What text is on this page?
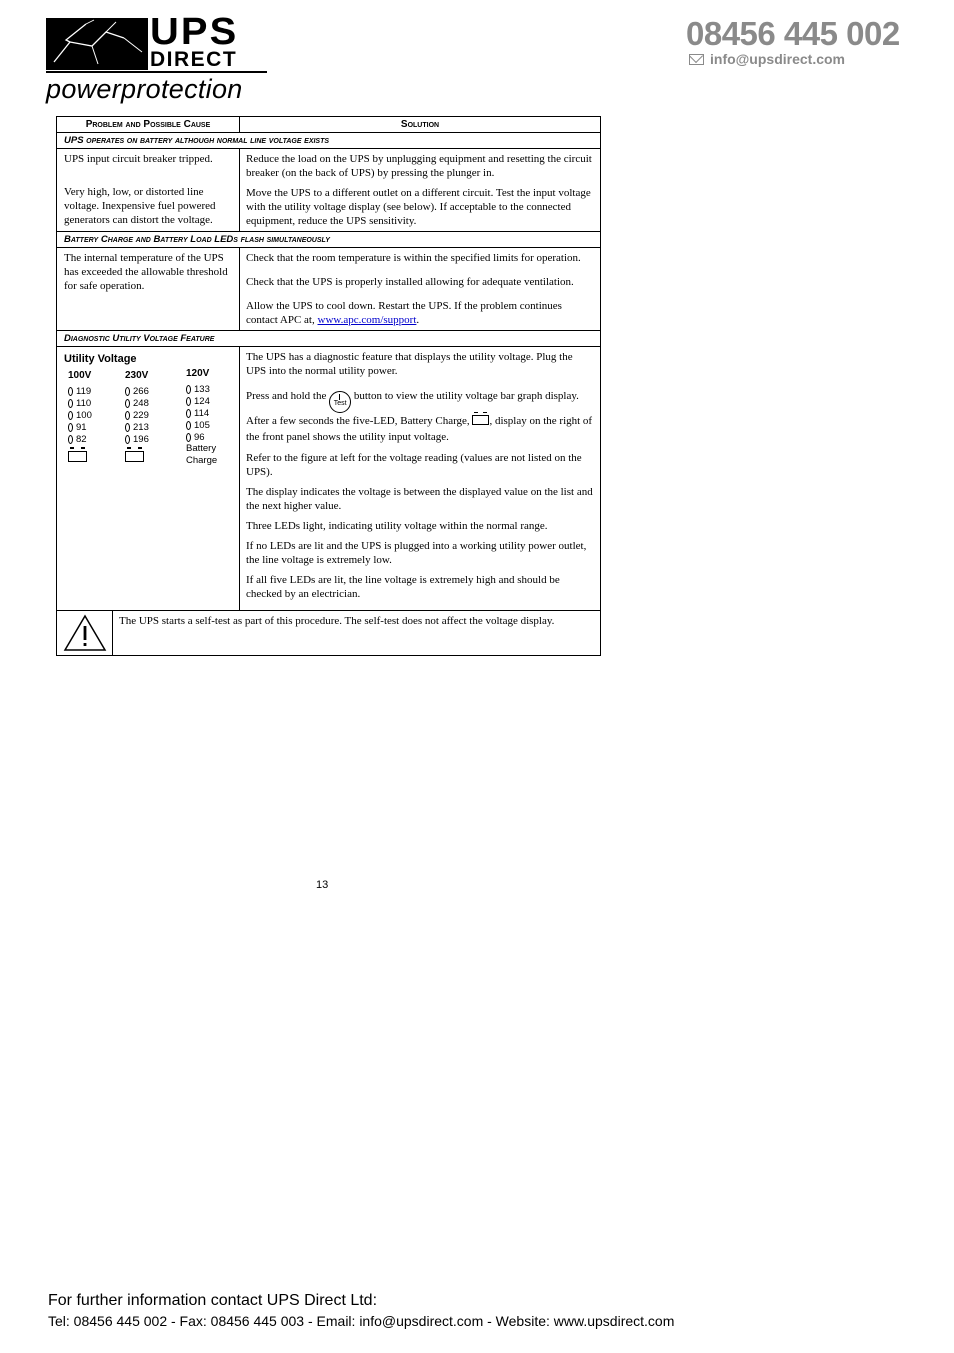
UPS
DIRECT
powerprotection
08456 445 002
info@upsdirect.com
Problem and Possible Cause	Solution
UPS operates on battery although normal line voltage exists

UPS input circuit breaker tripped.

Very high, low, or distorted line voltage. Inexpensive fuel powered generators can distort the voltage.

Reduce the load on the UPS by unplugging equipment and resetting the circuit breaker (on the back of UPS) by pressing the plunger in.

Move the UPS to a different outlet on a different circuit. Test the input voltage with the utility voltage display (see below). If acceptable to the connected equipment, reduce the UPS sensitivity.

Battery Charge and Battery Load LEDs flash simultaneously

The internal temperature of the UPS has exceeded the allowable threshold for safe operation.

Check that the room temperature is within the specified limits for operation.

Check that the UPS is properly installed allowing for adequate ventilation.

Allow the UPS to cool down. Restart the UPS. If the problem continues contact APC at, www.apc.com/support.

Diagnostic Utility Voltage Feature
Utility Voltage
100V
119
110
100
91
82
230V
266
248
229
213
196
120V
133
124
114
105
96
Battery
Charge

The UPS has a diagnostic feature that displays the utility voltage. Plug the UPS into the normal utility power.

Press and hold the Test button to view the utility voltage bar graph display. After a few seconds the five-LED, Battery Charge, , display on the right of the front panel shows the utility input voltage.

Refer to the figure at left for the voltage reading (values are not listed on the UPS).

The display indicates the voltage is between the displayed value on the list and the next higher value.

Three LEDs light, indicating utility voltage within the normal range.

If no LEDs are lit and the UPS is plugged into a working utility power outlet, the line voltage is extremely low.

If all five LEDs are lit, the line voltage is extremely high and should be checked by an electrician.

The UPS starts a self-test as part of this procedure. The self-test does not affect the voltage display.
13
For further information contact UPS Direct Ltd:
Tel: 08456 445 002 - Fax: 08456 445 003 - Email: info@upsdirect.com - Website: www.upsdirect.com
